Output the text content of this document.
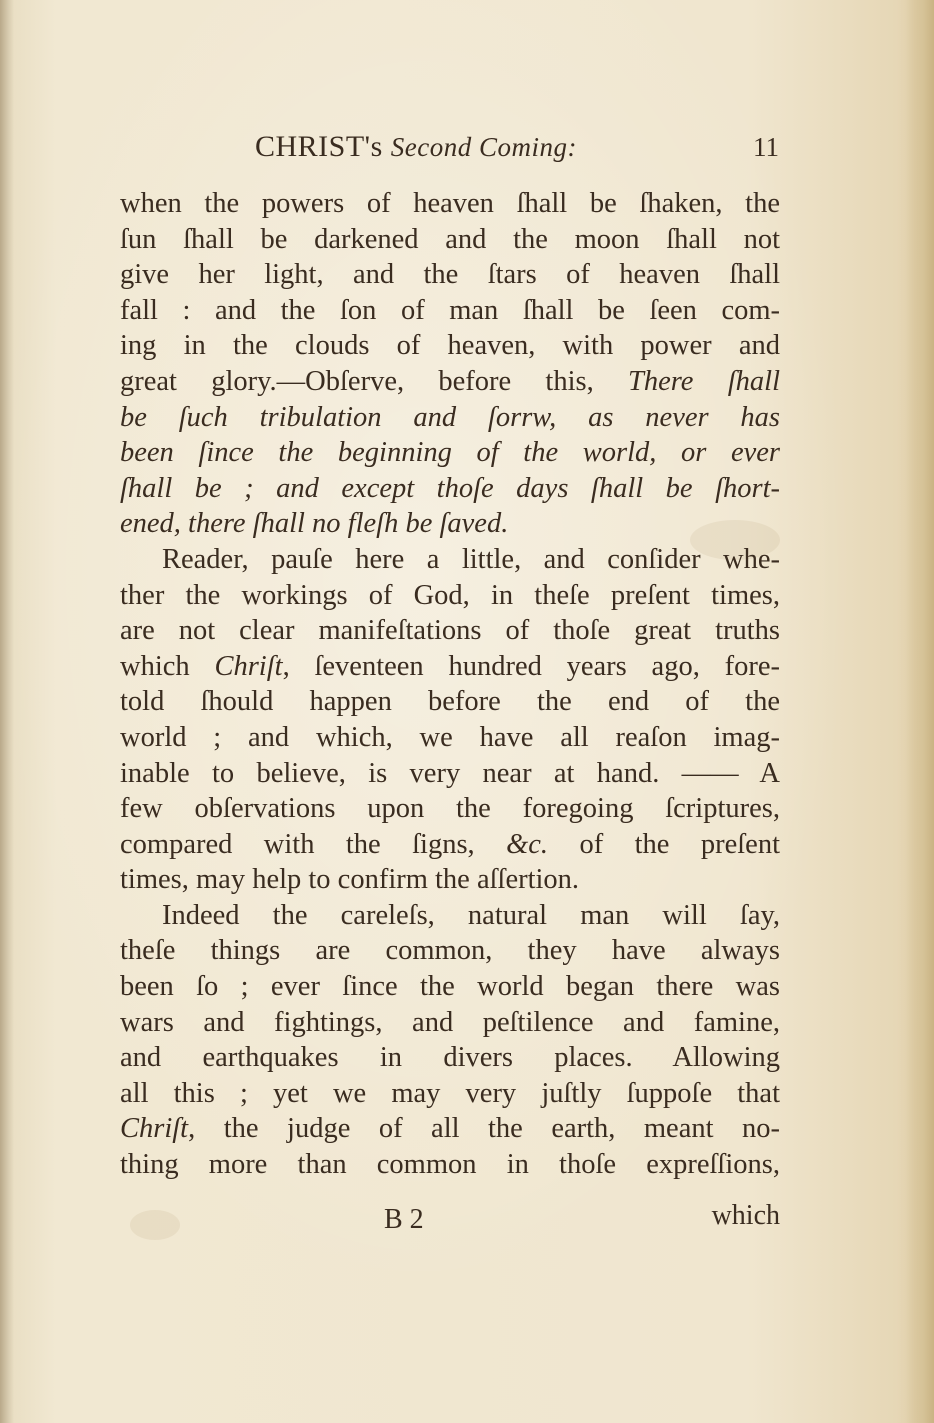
CHRIST's Second Coming:	11
when the powers of heaven ſhall be ſhaken, the
ſun ſhall be darkened and the moon ſhall not
give her light, and the ſtars of heaven ſhall
fall : and the ſon of man ſhall be ſeen com-
ing in the clouds of heaven, with power and
great glory.—Obſerve, before this, There ſhall
be ſuch tribulation and ſorrw, as never has
been ſince the beginning of the world, or ever
ſhall be ; and except thoſe days ſhall be ſhort-
ened, there ſhall no fleſh be ſaved.
Reader, pauſe here a little, and conſider whe-
ther the workings of God, in theſe preſent times,
are not clear manifeſtations of thoſe great truths
which Chriſt, ſeventeen hundred years ago, fore-
told ſhould happen before the end of the
world ; and which, we have all reaſon imag-
inable to believe, is very near at hand. —— A
few obſervations upon the foregoing ſcriptures,
compared with the ſigns, &c. of the preſent
times, may help to confirm the aſſertion.
Indeed the careleſs, natural man will ſay,
theſe things are common, they have always
been ſo ; ever ſince the world began there was
wars and fightings, and peſtilence and famine,
and earthquakes in divers places. Allowing
all this ; yet we may very juſtly ſuppoſe that
Chriſt, the judge of all the earth, meant no-
thing more than common in thoſe expreſſions,
B 2	which
